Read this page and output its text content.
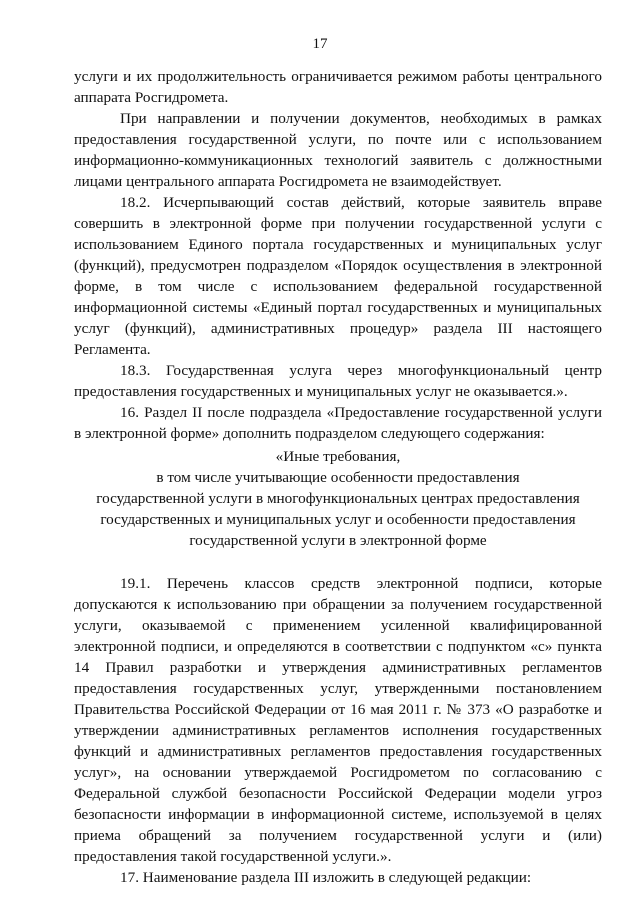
17

услуги и их продолжительность ограничивается режимом работы центрального аппарата Росгидромета.

При направлении и получении документов, необходимых в рамках предоставления государственной услуги, по почте или с использованием информационно-коммуникационных технологий заявитель с должностными лицами центрального аппарата Росгидромета не взаимодействует.

18.2. Исчерпывающий состав действий, которые заявитель вправе совершить в электронной форме при получении государственной услуги с использованием Единого портала государственных и муниципальных услуг (функций), предусмотрен подразделом «Порядок осуществления в электронной форме, в том числе с использованием федеральной государственной информационной системы «Единый портал государственных и муниципальных услуг (функций), административных процедур» раздела III настоящего Регламента.

18.3. Государственная услуга через многофункциональный центр предоставления государственных и муниципальных услуг не оказывается.».

16. Раздел II после подраздела «Предоставление государственной услуги в электронной форме» дополнить подразделом следующего содержания:

«Иные требования,

в том числе учитывающие особенности предоставления

государственной услуги в многофункциональных центрах предоставления

государственных и муниципальных услуг и особенности предоставления

государственной услуги в электронной форме

19.1. Перечень классов средств электронной подписи, которые допускаются к использованию при обращении за получением государственной услуги, оказываемой с применением усиленной квалифицированной электронной подписи, и определяются в соответствии с подпунктом «с» пункта 14 Правил разработки и утверждения административных регламентов предоставления государственных услуг, утвержденными постановлением Правительства Российской Федерации от 16 мая 2011 г. № 373 «О разработке и утверждении административных регламентов исполнения государственных функций и административных регламентов предоставления государственных услуг», на основании утверждаемой Росгидрометом по согласованию с Федеральной службой безопасности Российской Федерации модели угроз безопасности информации в информационной системе, используемой в целях приема обращений за получением государственной услуги и (или) предоставления такой государственной услуги.».

17. Наименование раздела III изложить в следующей редакции:
